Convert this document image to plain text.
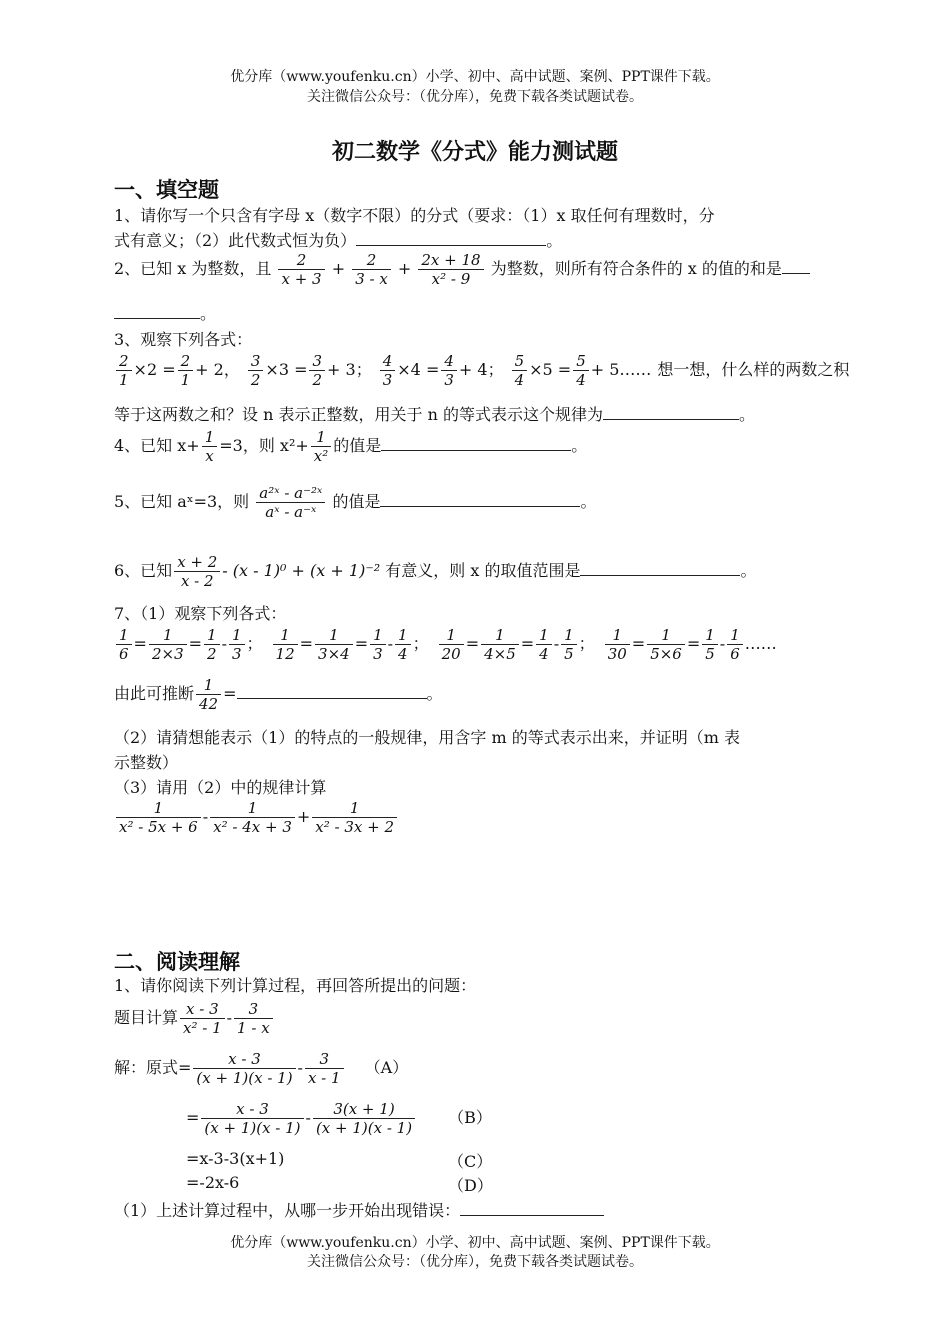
优分库（www.youfenku.cn）小学、初中、高中试题、案例、PPT课件下载。
关注微信公众号：（优分库），免费下载各类试题试卷。
初二数学《分式》能力测试题
一、填空题
1、请你写一个只含有字母 x（数字不限）的分式（要求：（1）x 取任何有理数时，分
式有意义；（2）此代数式恒为负）	。
2、已知 x 为整数，且 $\frac{2}{x + 3} + \frac{2}{3 - x} + \frac{2x + 18}{\text{x² - 9}}$ 为整数，则所有符合条件的 x 的值的和是
。
3、观察下列各式：
$\frac{2}{1} \times 2 = \frac{2}{1} + 2$， $\frac{3}{2} \times 3 = \frac{3}{2} + 3$； $\frac{4}{3} \times 4 = \frac{4}{3} + 4$； $\frac{5}{4} \times 5 = \frac{5}{4}$ + 5…… 想一想，什么样的两数之积
等于这两数之和？设 n 表示正整数，用关于 n 的等式表示这个规律为	。
4、已知 $x+ \frac{1}{x} =3$，则 $x^2+ \frac{1}{\text{x²}}$ 的值是	。
5、已知 aˣ=3，则 $\frac{\text{a²ˣ - a⁻²ˣ}}{\text{aˣ - a⁻ˣ}}$ 的值是	。
6、已知 $\frac{x + 2}{x - 2} - (x - 1)^0 + (x + 1)^{-2}$ 有意义，则 x 的取值范围是	。
7、（1）观察下列各式：
$\frac{1}{6} = \frac{1}{2\times 3} = \frac{1}{2} - \frac{1}{3}$ ； $\frac{1}{12} = \frac{1}{3\times 4} = \frac{1}{3} - \frac{1}{4}$ ； $\frac{1}{20} = \frac{1}{4\times 5} = \frac{1}{4} - \frac{1}{5}$ ； $\frac{1}{30} = \frac{1}{5\times 6} = \frac{1}{5} - \frac{1}{6}$ ……
由此可推断 $\frac{1}{42}$ =	。
（2）请猜想能表示（1）的特点的一般规律，用含字 m 的等式表示出来，并证明（m 表
示整数）
（3）请用（2）中的规律计算
$\frac{1}{\text{x² - 5x + 6}} - \frac{1}{\text{x² - 4x + 3}} + \frac{1}{\text{x² - 3x + 2}}$
二、阅读理解
1、请你阅读下列计算过程，再回答所提出的问题：
题目计算 $\frac{x - 3}{\text{x² - 1}} - \frac{3}{1 - x}$
解：原式= $\frac{x - 3}{(x + 1)(x - 1)} - \frac{3}{x - 1} (A)$
= $\frac{x - 3}{(x + 1)(x - 1)} - \frac{3(x + 1)}{(x + 1)(x - 1)} (B)$
=x-3-3(x+1)	（C）
=-2x-6	（D）
（1）上述计算过程中，从哪一步开始出现错误：
优分库（www.youfenku.cn）小学、初中、高中试题、案例、PPT课件下载。
关注微信公众号：（优分库），免费下载各类试题试卷。
